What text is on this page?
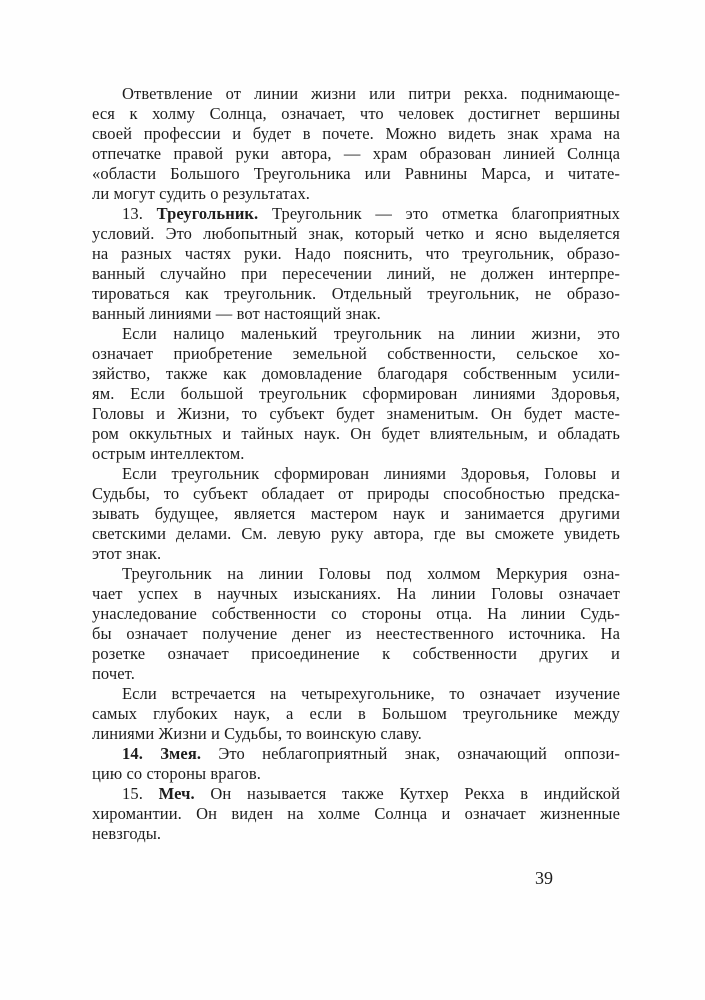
Ответвление от линии жизни или питри рекха. поднимающе-
еся к холму Солнца, означает, что человек достигнет вершины
своей профессии и будет в почете. Можно видеть знак храма на
отпечатке правой руки автора, — храм образован линией Солнца
«области Большого Треугольника или Равнины Марса, и читате-
ли могут судить о результатах.
13. Треугольник. Треугольник — это отметка благоприятных
условий. Это любопытный знак, который четко и ясно выделяется
на разных частях руки. Надо пояснить, что треугольник, образо-
ванный случайно при пересечении линий, не должен интерпре-
тироваться как треугольник. Отдельный треугольник, не образо-
ванный линиями — вот настоящий знак.
Если налицо маленький треугольник на линии жизни, это
означает приобретение земельной собственности, сельское хо-
зяйство, также как домовладение благодаря собственным усили-
ям. Если большой треугольник сформирован линиями Здоровья,
Головы и Жизни, то субъект будет знаменитым. Он будет масте-
ром оккультных и тайных наук. Он будет влиятельным, и обладать
острым интеллектом.
Если треугольник сформирован линиями Здоровья, Головы и
Судьбы, то субъект обладает от природы способностью предска-
зывать будущее, является мастером наук и занимается другими
светскими делами. См. левую руку автора, где вы сможете увидеть
этот знак.
Треугольник на линии Головы под холмом Меркурия озна-
чает успех в научных изысканиях. На линии Головы означает
унаследование собственности со стороны отца. На линии Судь-
бы означает получение денег из неестественного источника. На
розетке означает присоединение к собственности других и
почет.
Если встречается на четырехугольнике, то означает изучение
самых глубоких наук, а если в Большом треугольнике между
линиями Жизни и Судьбы, то воинскую славу.
14. Змея. Это неблагоприятный знак, означающий оппози-
цию со стороны врагов.
15. Меч. Он называется также Кутхер Рекха в индийской
хиромантии. Он виден на холме Солнца и означает жизненные
невзгоды.
39
